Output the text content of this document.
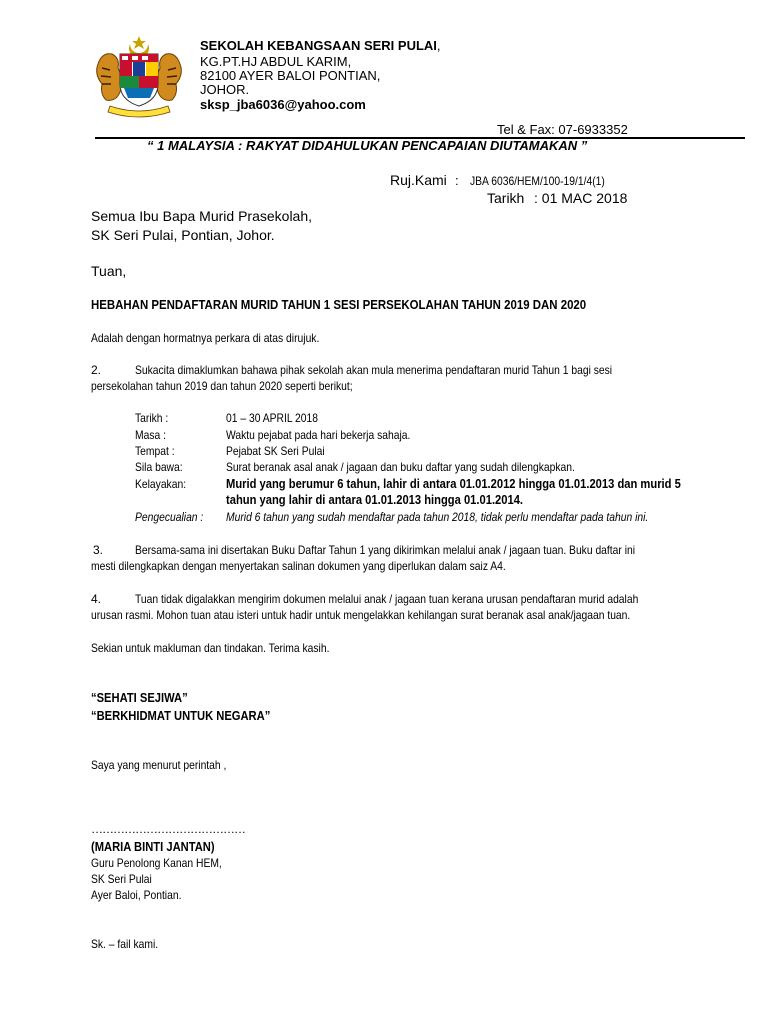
SEKOLAH KEBANGSAAN SERI PULAI,
KG.PT.HJ ABDUL KARIM,
82100 AYER BALOI PONTIAN,
JOHOR.
sksp_jba6036@yahoo.com
Tel & Fax: 07-6933352
“ 1 MALAYSIA : RAKYAT DIDAHULUKAN PENCAPAIAN DIUTAMAKAN ”
Ruj.Kami : JBA 6036/HEM/100-19/1/4(1)
Tarikh : 01 MAC 2018
Semua Ibu Bapa Murid Prasekolah,
SK Seri Pulai, Pontian, Johor.
Tuan,
HEBAHAN PENDAFTARAN MURID TAHUN 1 SESI PERSEKOLAHAN TAHUN 2019 DAN 2020
Adalah dengan hormatnya perkara di atas dirujuk.
2.	Sukacita dimaklumkan bahawa pihak sekolah akan mula menerima pendaftaran murid Tahun 1 bagi sesi
persekolahan tahun 2019 dan tahun 2020 seperti berikut;
Tarikh :	01 – 30 APRIL 2018
Masa :	Waktu pejabat pada hari bekerja sahaja.
Tempat :	Pejabat SK Seri Pulai
Sila bawa:	Surat beranak asal anak / jagaan dan buku daftar yang sudah dilengkapkan.
Kelayakan:	Murid yang berumur 6 tahun, lahir di antara 01.01.2012 hingga 01.01.2013 dan murid 5
tahun yang lahir di antara 01.01.2013 hingga 01.01.2014.
Pengecualian :	Murid 6 tahun yang sudah mendaftar pada tahun 2018, tidak perlu mendaftar pada tahun ini.
3.	Bersama-sama ini disertakan Buku Daftar Tahun 1 yang dikirimkan melalui anak / jagaan tuan. Buku daftar ini
mesti dilengkapkan dengan menyertakan salinan dokumen yang diperlukan dalam saiz A4.
4.	Tuan tidak digalakkan mengirim dokumen melalui anak / jagaan tuan kerana urusan pendaftaran murid adalah
urusan rasmi. Mohon tuan atau isteri untuk hadir untuk mengelakkan kehilangan surat beranak asal anak/jagaan tuan.
Sekian untuk makluman dan tindakan. Terima kasih.
“SEHATI SEJIWA”
“BERKHIDMAT UNTUK NEGARA”
Saya yang menurut perintah ,
……………………………………
(MARIA BINTI JANTAN)
Guru Penolong Kanan HEM,
SK Seri Pulai
Ayer Baloi, Pontian.
Sk. – fail kami.
